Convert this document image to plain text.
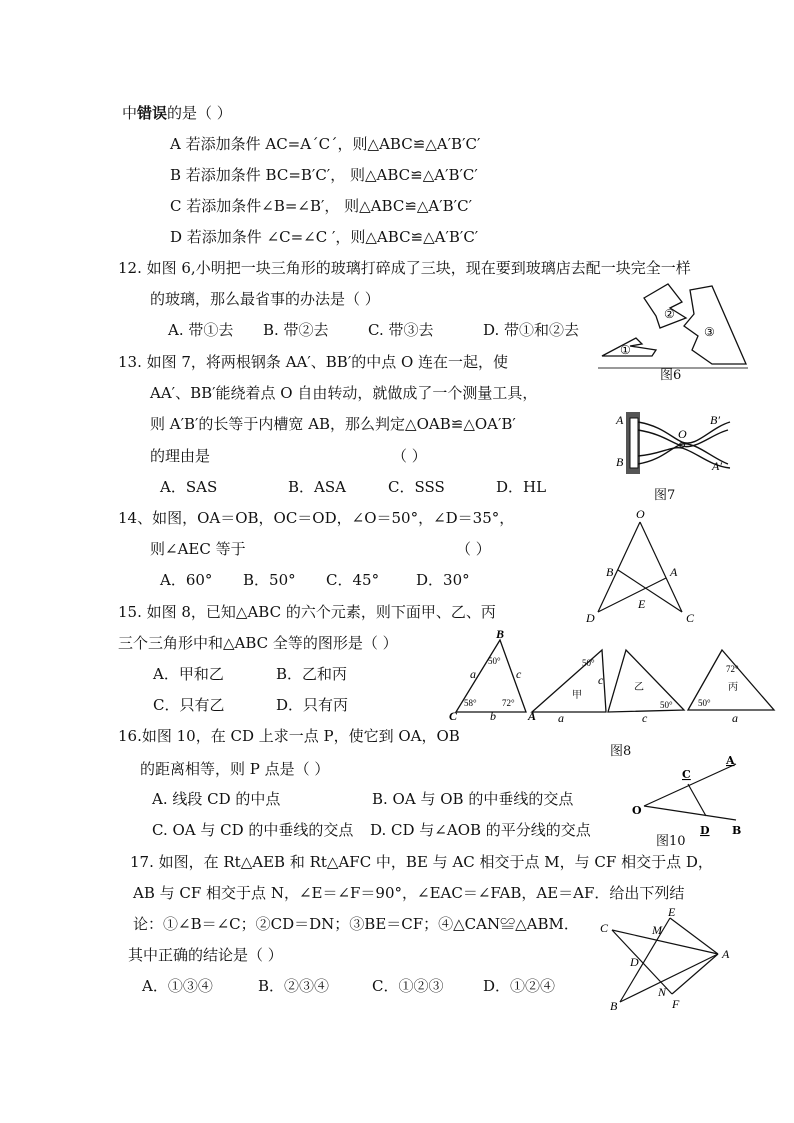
中错误的是（ ）
A 若添加条件 AC=A´C´，则△ABC≌△A′B′C′
B 若添加条件 BC=B′C′， 则△ABC≌△A′B′C′
C 若添加条件∠B=∠B′， 则△ABC≌△A′B′C′
D 若添加条件 ∠C=∠C ′，则△ABC≌△A′B′C′
12. 如图 6,小明把一块三角形的玻璃打碎成了三块，现在要到玻璃店去配一块完全一样
的玻璃，那么最省事的办法是（ ）
A. 带①去 B. 带②去	C. 带③去	D. 带①和②去
①
②
③
图6
13. 如图 7，将两根钢条 AA′、BB′的中点 O 连在一起，使
AA′、BB′能绕着点 O 自由转动，就做成了一个测量工具，
则 A′B′的长等于内槽宽 AB，那么判定△OAB≌△OA′B′
的理由是	（ ）
A．SAS	B．ASA	C．SSS	D．HL
A
B
O
B′
A′
图7
14、如图，OA＝OB，OC＝OD，∠O＝50°，∠D＝35°，
则∠AEC 等于	（ ）
A．60° B．50° C．45° D．30°
O
B	A
E
D	C
15. 如图 8，已知△ABC 的六个元素，则下面甲、乙、丙
三个三角形中和△ABC 全等的图形是（ ）
A．甲和乙	B．乙和丙
C．只有乙	D．只有丙
B
C	A
50°
58°	72°
a
b
c
甲
50°
c
a
乙
50°
c
72°
丙
50°
a
图8
16.如图 10，在 CD 上求一点 P，使它到 OA，OB
的距离相等，则 P 点是（ ）
A. 线段 CD 的中点	B. OA 与 OB 的中垂线的交点
C. OA 与 CD 的中垂线的交点 D. CD 与∠AOB 的平分线的交点
A
C
O
D B
图10
17. 如图，在 Rt△AEB 和 Rt△AFC 中，BE 与 AC 相交于点 M，与 CF 相交于点 D，
AB 与 CF 相交于点 N，∠E＝∠F＝90°，∠EAC＝∠FAB，AE＝AF．给出下列结
论：①∠B＝∠C；②CD＝DN；③BE＝CF；④△CAN≌△ABM．
其中正确的结论是（ ）
A．①③④	B．②③④	C．①②③	D．①②④
E
C	M
A
D
B
N
F
